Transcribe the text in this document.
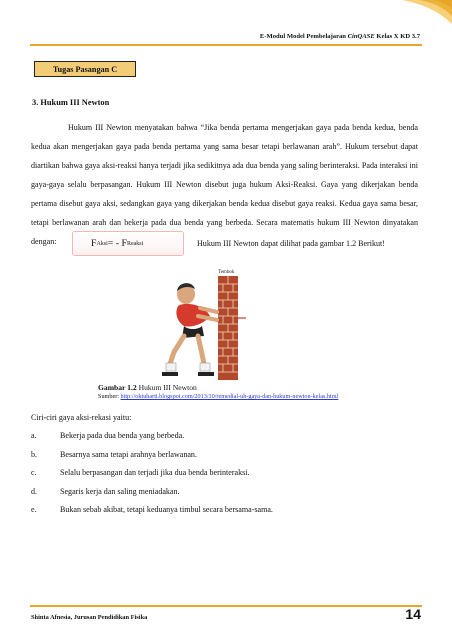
E-Modul Model Pembelajaran CinQASE Kelas X KD 3.7
Tugas Pasangan C
3. Hukum III Newton

Hukum III Newton menyatakan bahwa “Jika benda pertama mengerjakan gaya pada benda kedua, benda kedua akan mengerjakan gaya pada benda pertama yang sama besar tetapi berlawanan arah”. Hukum tersebut dapat diartikan bahwa gaya aksi-reaksi hanya terjadi jika sedikitnya ada dua benda yang saling berinteraksi. Pada interaksi ini gaya-gaya selalu berpasangan. Hukum III Newton disebut juga hukum Aksi-Reaksi. Gaya yang dikerjakan benda pertama disebut gaya aksi, sedangkan gaya yang dikerjakan benda kedua disebut gaya reaksi. Kedua gaya sama besar, tetapi berlawanan arah dan bekerja pada dua benda yang berbeda. Secara matematis hukum III Newton dinyatakan dengan:	F Aksi = - F Reaksi	Hukum III Newton dapat dilihat pada gambar 1.2 Berikut!
Tembok
Gambar 1.2 Hukum III Newton
Sumber: http://oktuharti.blogspot.com/2013/10/remedial-uh-gaya-dan-hukum-newton-kelas.html
Ciri-ciri gaya aksi-rekasi yaitu:
a.	Bekerja pada dua benda yang berbeda.
b.	Besarnya sama tetapi arahnya berlawanan.
c.	Selalu berpasangan dan terjadi jika dua benda berinteraksi.
d.	Segaris kerja dan saling meniadakan.
e.	Bukan sebab akibat, tetapi keduanya timbul secara bersama-sama.
Shinta Afnesia, Jurusan Pendidikan Fisika	14
